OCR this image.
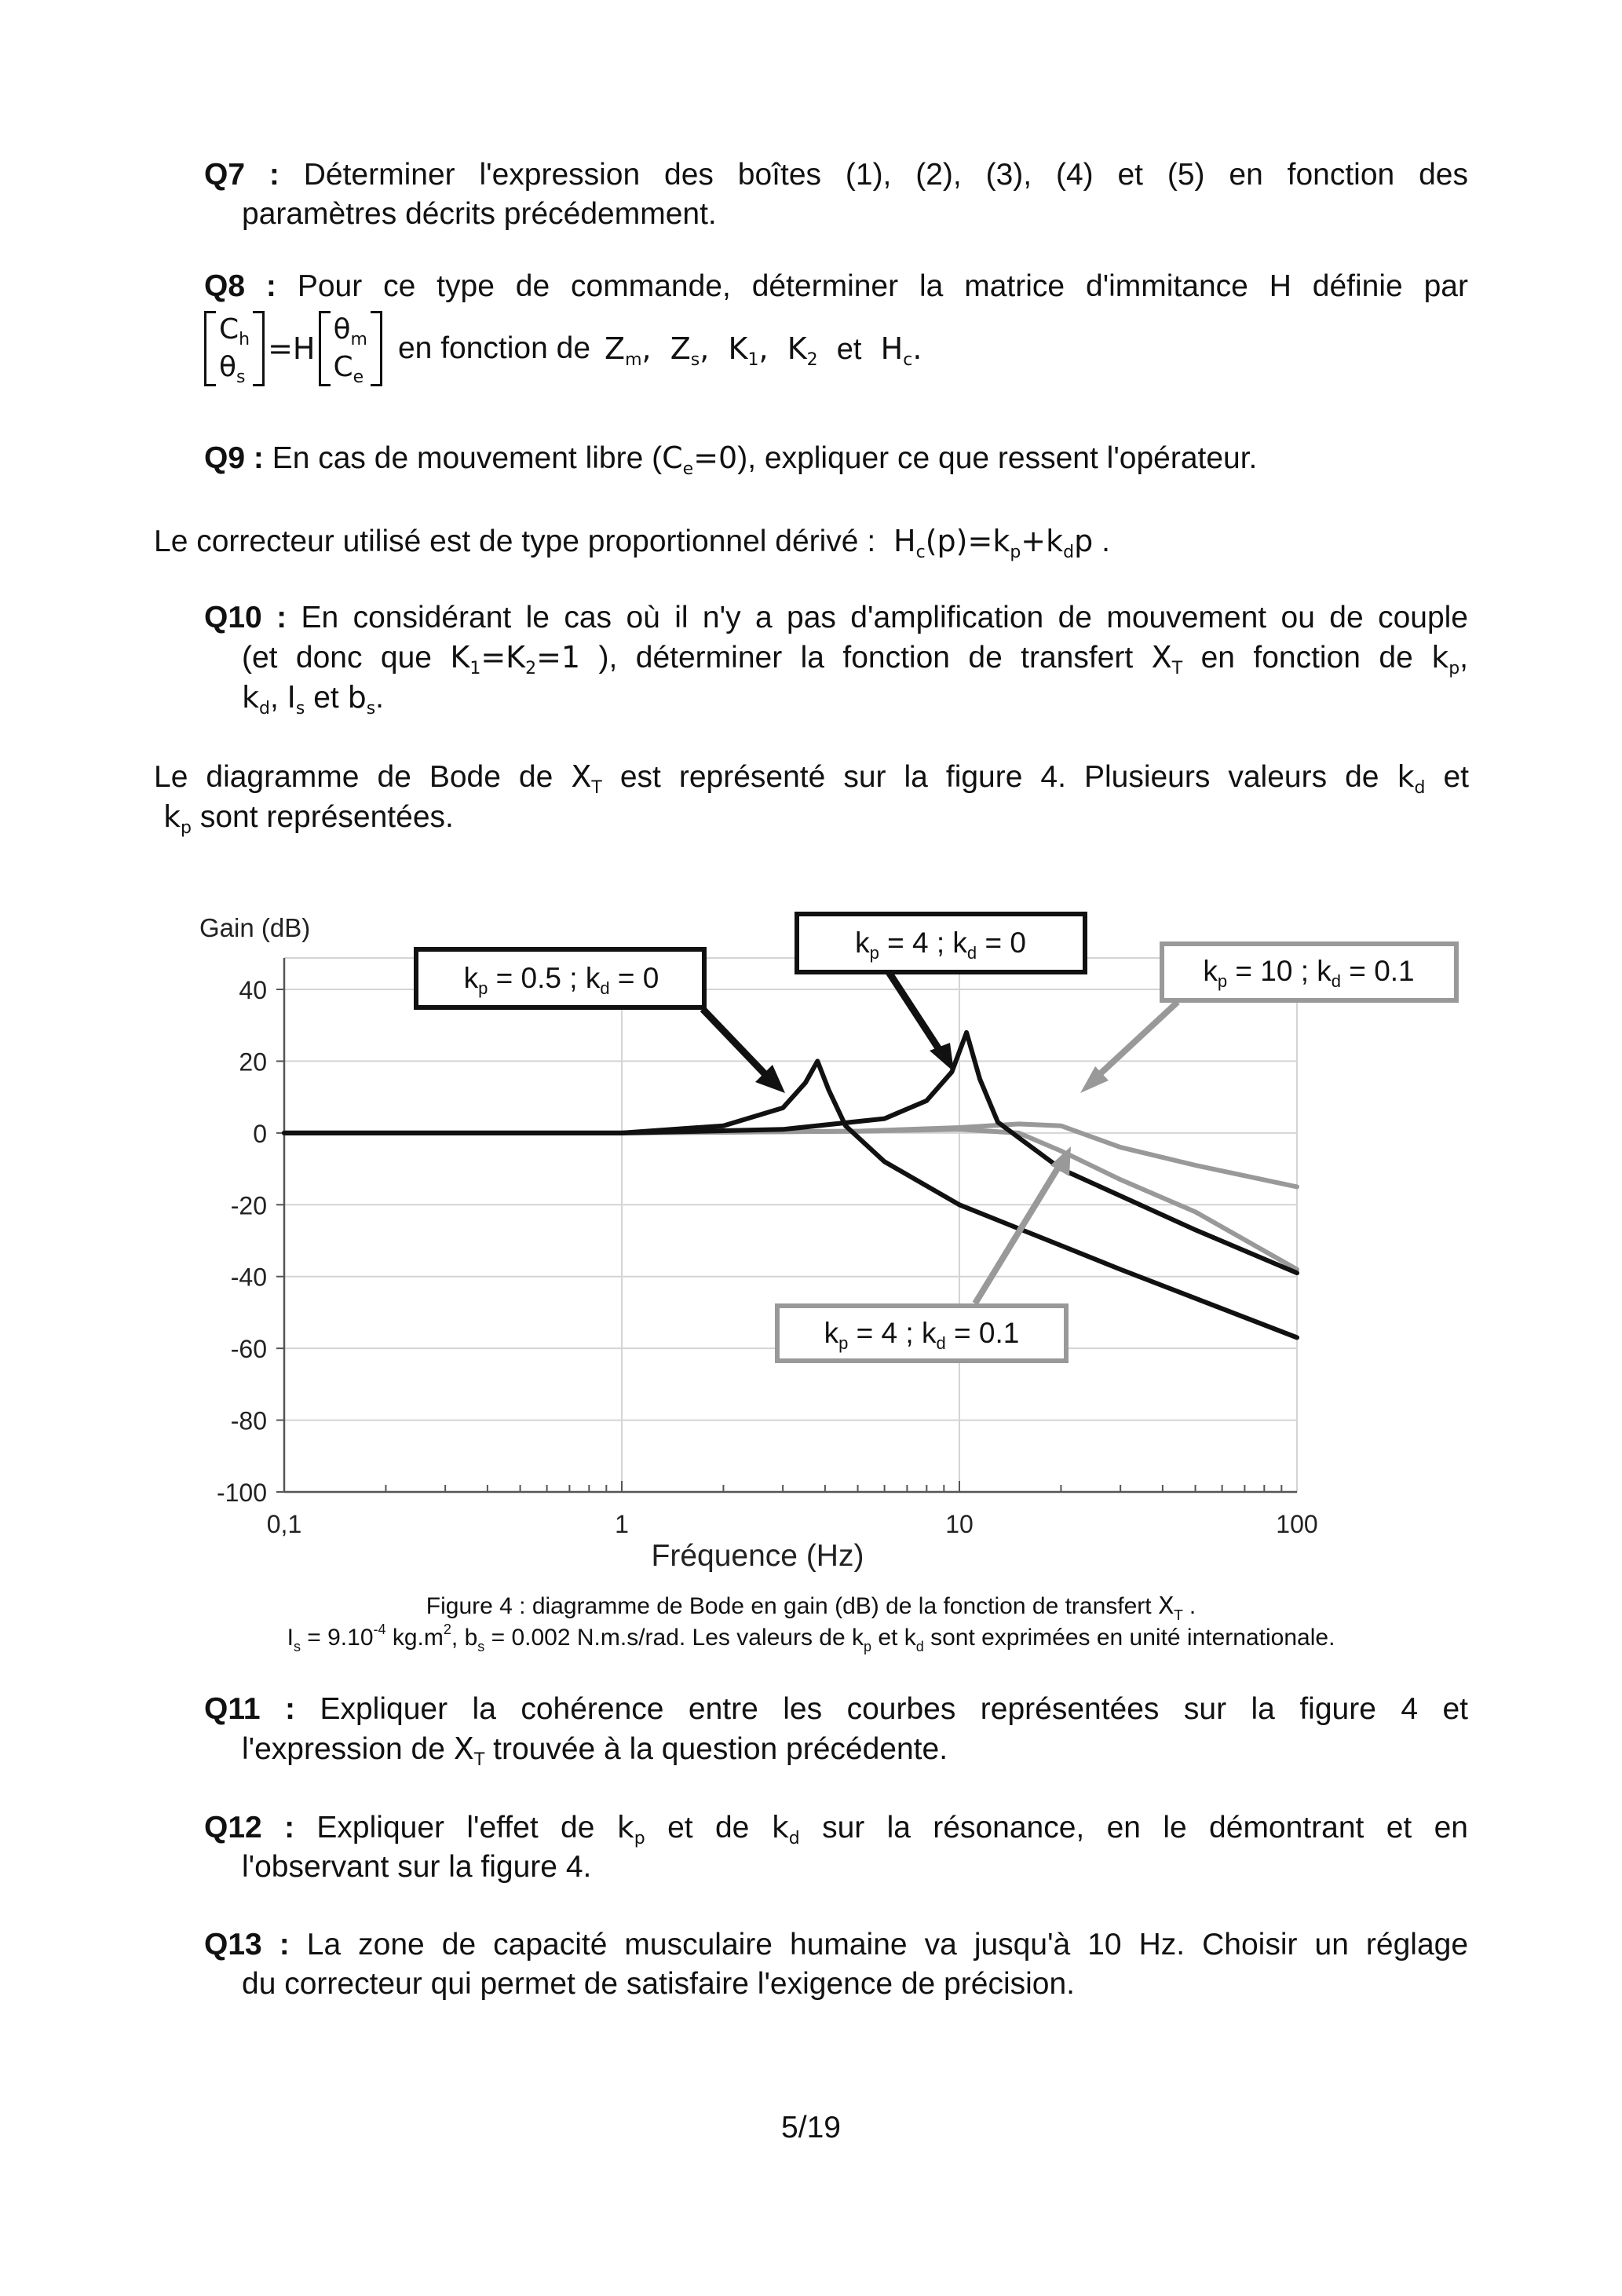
Q7 : Déterminer l'expression des boîtes (1), (2), (3), (4) et (5) en fonction des
paramètres décrits précédemment.
Q8 : Pour ce type de commande, déterminer la matrice d'immitance H définie par
$C_h$
$\theta_s$
=H
$\theta_m$
$C_e$
en fonction de $Z_m$,  $Z_s$,  $K_1$,  $K_2$ et $H_c$.
Q9 : En cas de mouvement libre $(C_e=0)$, expliquer ce que ressent l'opérateur.
Le correcteur utilisé est de type proportionnel dérivé : $H_c(p)=k_p+k_dp$ .
Q10 : En considérant le cas où il n'y a pas d'amplification de mouvement ou de couple
(et donc que $K_1=K_2=1$ ), déterminer la fonction de transfert $X_T$ en fonction de $k_p$,
$k_d$, $I_s$ et $b_s$.
Le diagramme de Bode de $X_T$ est représenté sur la figure 4. Plusieurs valeurs de $k_d$ et
$k_p$ sont représentées.
Gain (dB)
40
20
0
-20
-40
-60
-80
-100
0,1	1	10	100
Fréquence (Hz)
$k_p = 0.5$ ; $k_d = 0$
$k_p = 4$ ; $k_d = 0$
$k_p = 10$ ; $k_d = 0.1$
$k_p = 4$ ; $k_d = 0.1$
Figure 4 : diagramme de Bode en gain (dB) de la fonction de transfert $X_T$ .
$I_s = 9.10^{-4}$ $kg.m^2$, $b_s = 0.002$ N.m.s/rad. Les valeurs de $k_p$ et $k_d$ sont exprimées en unité internationale.
Q11 : Expliquer la cohérence entre les courbes représentées sur la figure 4 et
l'expression de $X_T$ trouvée à la question précédente.
Q12 : Expliquer l'effet de $k_p$ et de $k_d$ sur la résonance, en le démontrant et en
l'observant sur la figure 4.
Q13 : La zone de capacité musculaire humaine va jusqu'à 10 Hz. Choisir un réglage
du correcteur qui permet de satisfaire l'exigence de précision.
5/19
